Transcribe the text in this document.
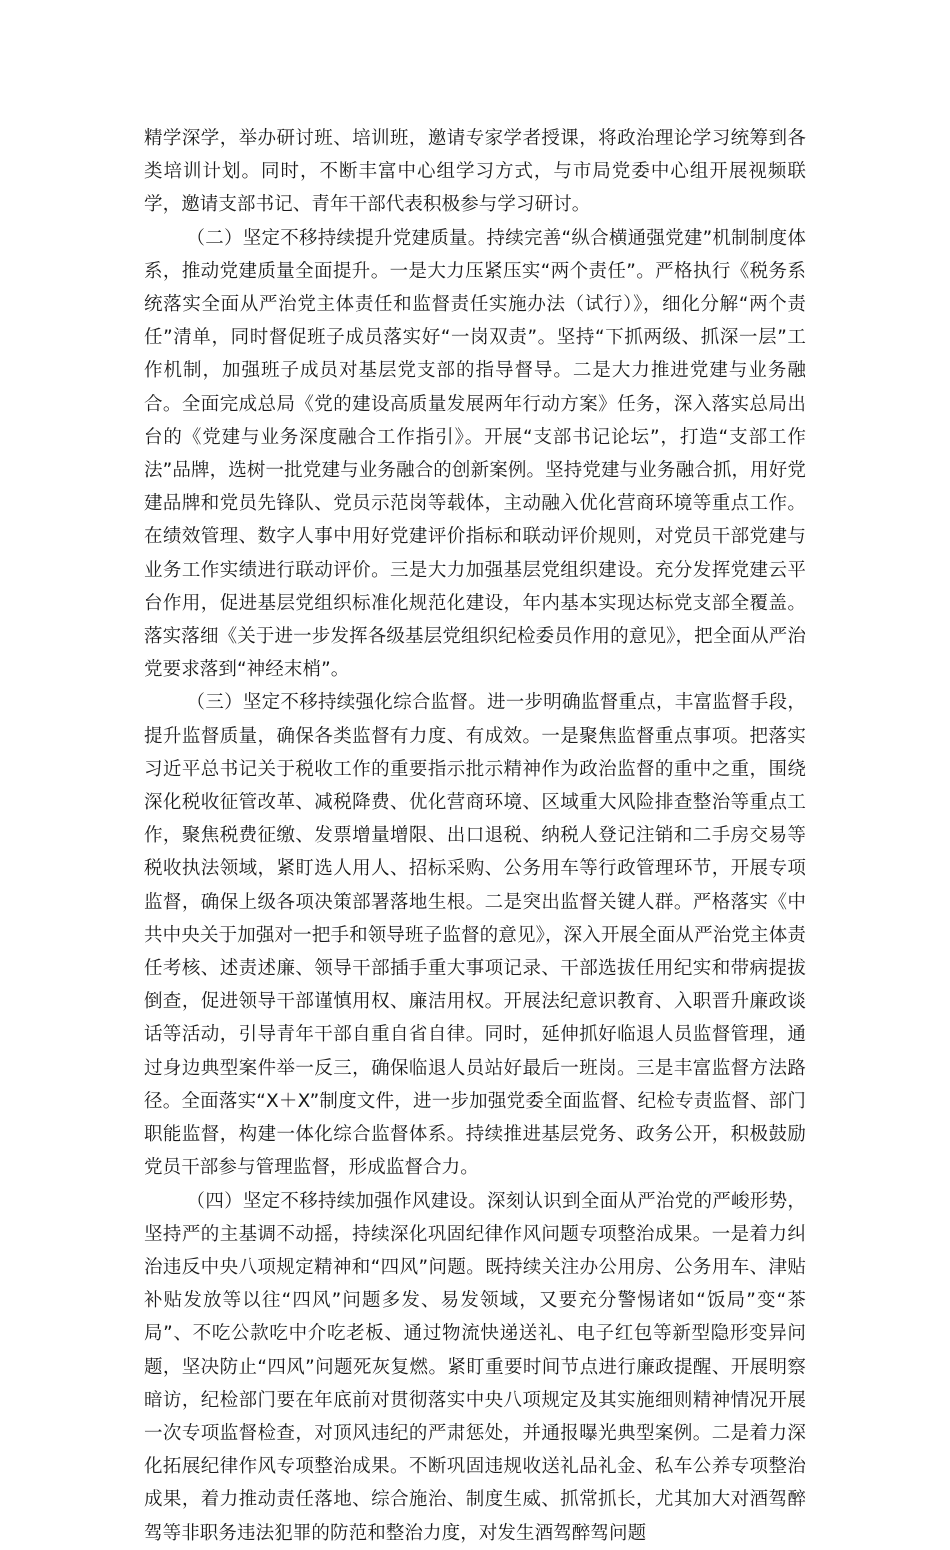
精学深学，举办研讨班、培训班，邀请专家学者授课，将政治理论学习统筹到各类培训计划。同时，不断丰富中心组学习方式，与市局党委中心组开展视频联学，邀请支部书记、青年干部代表积极参与学习研讨。

（二）坚定不移持续提升党建质量。持续完善“纵合横通强党建”机制制度体系，推动党建质量全面提升。一是大力压紧压实“两个责任”。严格执行《税务系统落实全面从严治党主体责任和监督责任实施办法（试行）》，细化分解“两个责任”清单，同时督促班子成员落实好“一岗双责”。坚持“下抓两级、抓深一层”工作机制，加强班子成员对基层党支部的指导督导。二是大力推进党建与业务融合。全面完成总局《党的建设高质量发展两年行动方案》任务，深入落实总局出台的《党建与业务深度融合工作指引》。开展“支部书记论坛”，打造“支部工作法”品牌，选树一批党建与业务融合的创新案例。坚持党建与业务融合抓，用好党建品牌和党员先锋队、党员示范岗等载体，主动融入优化营商环境等重点工作。在绩效管理、数字人事中用好党建评价指标和联动评价规则，对党员干部党建与业务工作实绩进行联动评价。三是大力加强基层党组织建设。充分发挥党建云平台作用，促进基层党组织标准化规范化建设，年内基本实现达标党支部全覆盖。落实落细《关于进一步发挥各级基层党组织纪检委员作用的意见》，把全面从严治党要求落到“神经末梢”。

（三）坚定不移持续强化综合监督。进一步明确监督重点，丰富监督手段，提升监督质量，确保各类监督有力度、有成效。一是聚焦监督重点事项。把落实习近平总书记关于税收工作的重要指示批示精神作为政治监督的重中之重，围绕深化税收征管改革、减税降费、优化营商环境、区域重大风险排查整治等重点工作，聚焦税费征缴、发票增量增限、出口退税、纳税人登记注销和二手房交易等税收执法领域，紧盯选人用人、招标采购、公务用车等行政管理环节，开展专项监督，确保上级各项决策部署落地生根。二是突出监督关键人群。严格落实《中共中央关于加强对一把手和领导班子监督的意见》，深入开展全面从严治党主体责任考核、述责述廉、领导干部插手重大事项记录、干部选拔任用纪实和带病提拔倒查，促进领导干部谨慎用权、廉洁用权。开展法纪意识教育、入职晋升廉政谈话等活动，引导青年干部自重自省自律。同时，延伸抓好临退人员监督管理，通过身边典型案件举一反三，确保临退人员站好最后一班岗。三是丰富监督方法路径。全面落实“X＋X”制度文件，进一步加强党委全面监督、纪检专责监督、部门职能监督，构建一体化综合监督体系。持续推进基层党务、政务公开，积极鼓励党员干部参与管理监督，形成监督合力。

（四）坚定不移持续加强作风建设。深刻认识到全面从严治党的严峻形势，坚持严的主基调不动摇，持续深化巩固纪律作风问题专项整治成果。一是着力纠治违反中央八项规定精神和“四风”问题。既持续关注办公用房、公务用车、津贴补贴发放等以往“四风”问题多发、易发领域，又要充分警惕诸如“饭局”变“茶局”、不吃公款吃中介吃老板、通过物流快递送礼、电子红包等新型隐形变异问题，坚决防止“四风”问题死灰复燃。紧盯重要时间节点进行廉政提醒、开展明察暗访，纪检部门要在年底前对贯彻落实中央八项规定及其实施细则精神情况开展一次专项监督检查，对顶风违纪的严肃惩处，并通报曝光典型案例。二是着力深化拓展纪律作风专项整治成果。不断巩固违规收送礼品礼金、私车公养专项整治成果，着力推动责任落地、综合施治、制度生威、抓常抓长，尤其加大对酒驾醉驾等非职务违法犯罪的防范和整治力度，对发生酒驾醉驾问题
